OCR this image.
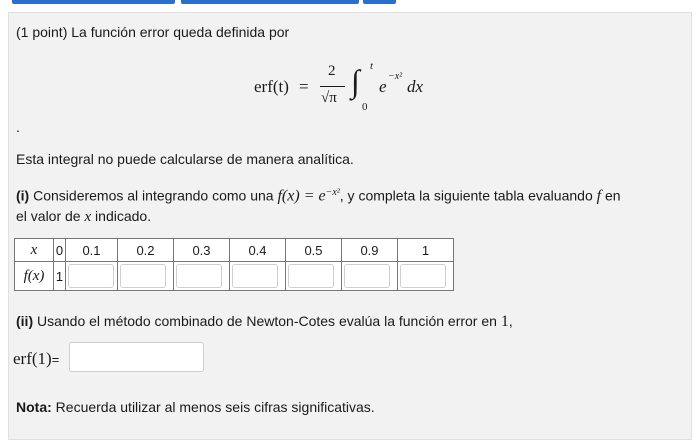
(1 point) La función error queda definida por
erf(t) =
2
√π ∫ t
0
e
−x²
dx
.
Esta integral no puede calcularse de manera analítica.
(i) Consideremos al integrando como una $f(x) = e^{-x^2}$, y completa la siguiente tabla evaluando f en
el valor de x indicado.
(ii) Usando el método combinado de Newton-Cotes evalúa la función error en 1,
erf(1)=
Nota: Recuerda utilizar al menos seis cifras significativas.
x	0	0.1	0.2	0.3	0.4	0.5	0.9	1
f(x)	1	
